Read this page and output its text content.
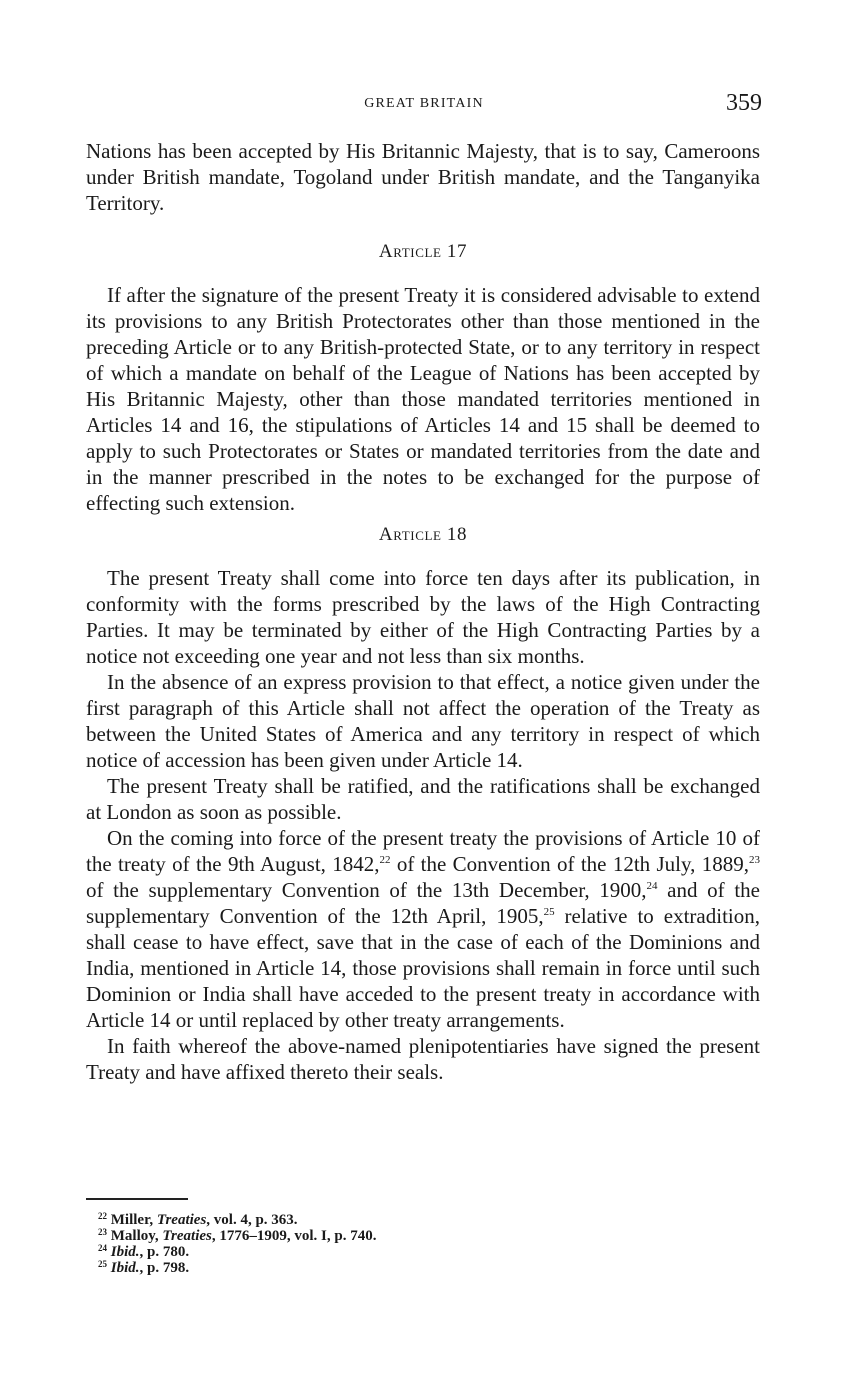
GREAT BRITAIN	359

Nations has been accepted by His Britannic Majesty, that is to say, Cameroons under British mandate, Togoland under British mandate, and the Tanganyika Territory.

Article 17

If after the signature of the present Treaty it is considered advisable to extend its provisions to any British Protectorates other than those mentioned in the preceding Article or to any British-protected State, or to any territory in respect of which a mandate on behalf of the League of Nations has been accepted by His Britannic Majesty, other than those mandated territories mentioned in Articles 14 and 16, the stipulations of Articles 14 and 15 shall be deemed to apply to such Protectorates or States or mandated territories from the date and in the manner prescribed in the notes to be exchanged for the purpose of effecting such extension.

Article 18

The present Treaty shall come into force ten days after its publication, in conformity with the forms prescribed by the laws of the High Contracting Parties. It may be terminated by either of the High Contracting Parties by a notice not exceeding one year and not less than six months.

In the absence of an express provision to that effect, a notice given under the first paragraph of this Article shall not affect the operation of the Treaty as between the United States of America and any territory in respect of which notice of accession has been given under Article 14.

The present Treaty shall be ratified, and the ratifications shall be exchanged at London as soon as possible.

On the coming into force of the present treaty the provisions of Article 10 of the treaty of the 9th August, 1842,22 of the Convention of the 12th July, 1889,23 of the supplementary Convention of the 13th December, 1900,24 and of the supplementary Convention of the 12th April, 1905,25 relative to extradition, shall cease to have effect, save that in the case of each of the Dominions and India, mentioned in Article 14, those provisions shall remain in force until such Dominion or India shall have acceded to the present treaty in accordance with Article 14 or until replaced by other treaty arrangements.

In faith whereof the above-named plenipotentiaries have signed the present Treaty and have affixed thereto their seals.

$^{22}$ Miller, Treaties, vol. 4, p. 363.
$^{23}$ Malloy, Treaties, 1776–1909, vol. I, p. 740.
$^{24}$ Ibid., p. 780.
$^{25}$ Ibid., p. 798.
